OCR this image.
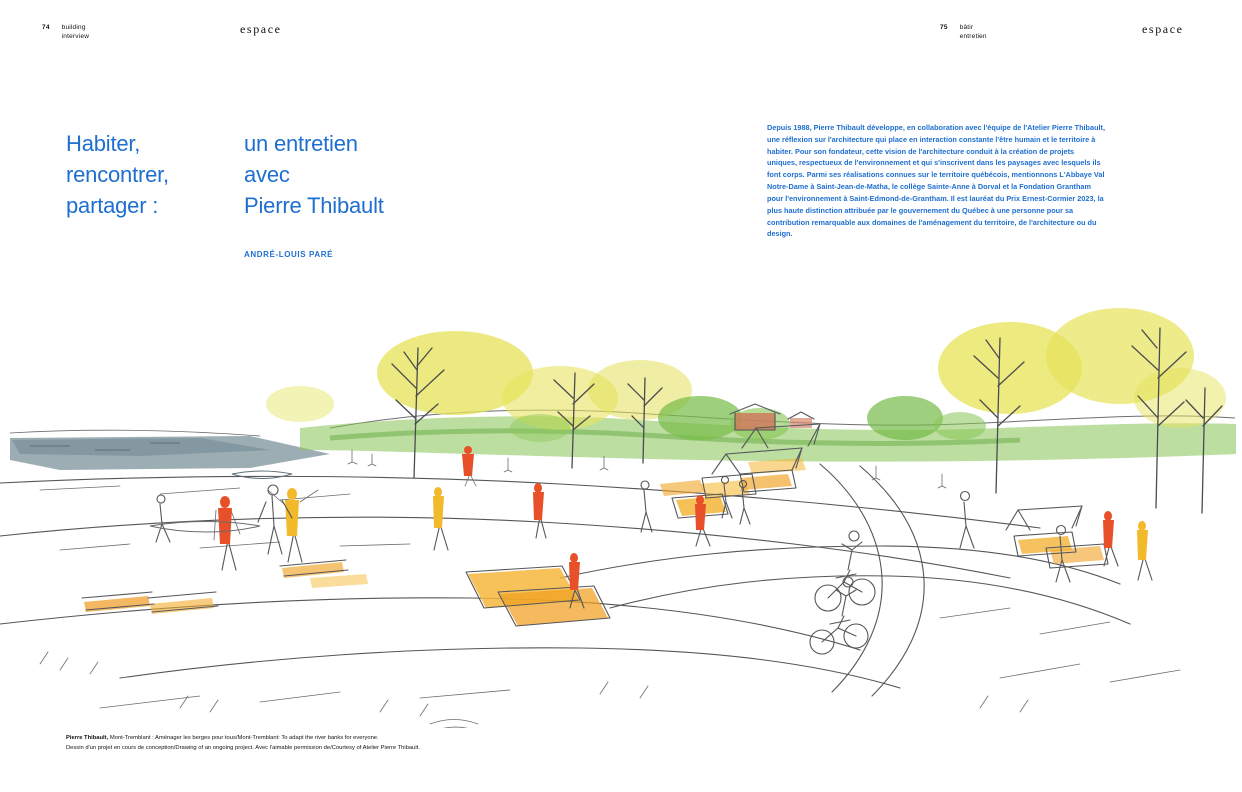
74 building
interview
espace	75 bâtir
entretien
espace
Habiter,
rencontrer,
partager :
un entretien
avec
Pierre Thibault
ANDRÉ-LOUIS PARÉ
Depuis 1988, Pierre Thibault développe, en collaboration avec l'équipe de l'Atelier Pierre Thibault, une réflexion sur l'architecture qui place en interaction constante l'être humain et le territoire à habiter. Pour son fondateur, cette vision de l'architecture conduit à la création de projets uniques, respectueux de l'environnement et qui s'inscrivent dans les paysages avec lesquels ils font corps. Parmi ses réalisations connues sur le territoire québécois, mentionnons L'Abbaye Val Notre-Dame à Saint-Jean-de-Matha, le collège Sainte-Anne à Dorval et la Fondation Grantham pour l'environnement à Saint-Edmond-de-Grantham. Il est lauréat du Prix Ernest-Cormier 2023, la plus haute distinction attribuée par le gouvernement du Québec à une personne pour sa contribution remarquable aux domaines de l'aménagement du territoire, de l'architecture ou du design.
Pierre Thibault, Mont-Tremblant : Aménager les berges pour tous/Mont-Tremblant: To adapt the river banks for everyone.
Dessin d'un projet en cours de conception/Drawing of an ongoing project. Avec l'aimable permission de/Courtesy of Atelier Pierre Thibault.
